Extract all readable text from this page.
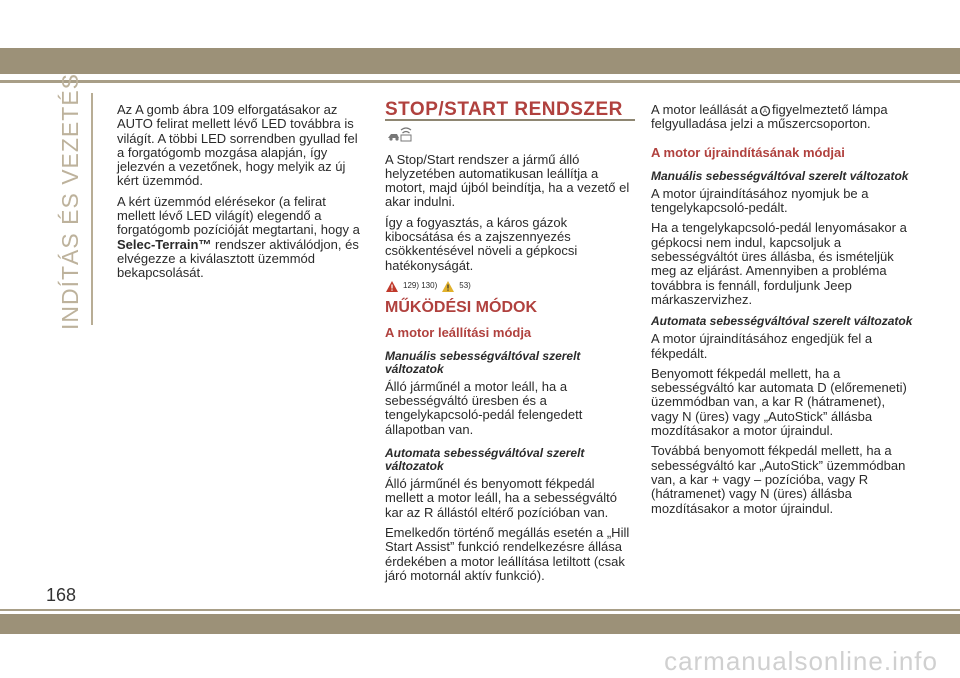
INDÍTÁS ÉS VEZETÉS	Az A gomb ábra 109 elforgatásakor az AUTO felirat mellett lévő LED továbbra is világít. A többi LED sorrendben gyullad fel a forgatógomb mozgása alapján, így jelezvén a vezetőnek, hogy melyik az új kért üzemmód.

A kért üzemmód elérésekor (a felirat mellett lévő LED világít) elegendő a forgatógomb pozícióját megtartani, hogy a Selec-Terrain™ rendszer aktiválódjon, és elvégezze a kiválasztott üzemmód bekapcsolását.

STOP/START RENDSZER

A Stop/Start rendszer a jármű álló helyzetében automatikusan leállítja a motort, majd újból beindítja, ha a vezető el akar indulni.

Így a fogyasztás, a káros gázok kibocsátása és a zajszennyezés csökkentésével növeli a gépkocsi hatékonyságát.

129) 130)	53)
MŰKÖDÉSI MÓDOK
A motor leállítási módja
Manuális sebességváltóval szerelt változatok

Álló járműnél a motor leáll, ha a sebességváltó üresben és a tengelykapcsoló-pedál felengedett állapotban van.

Automata sebességváltóval szerelt változatok

Álló járműnél és benyomott fékpedál mellett a motor leáll, ha a sebességváltó kar az R állástól eltérő pozícióban van.

Emelkedőn történő megállás esetén a „Hill Start Assist” funkció rendelkezésre állása érdekében a motor leállítása letiltott (csak járó motornál aktív funkció).

A motor leállását a A figyelmeztető lámpa felgyulladása jelzi a műszercsoporton.

A motor újraindításának módjai
Manuális sebességváltóval szerelt változatok

A motor újraindításához nyomjuk be a tengelykapcsoló-pedált.

Ha a tengelykapcsoló-pedál lenyomásakor a gépkocsi nem indul, kapcsoljuk a sebességváltót üres állásba, és ismételjük meg az eljárást. Amennyiben a probléma továbbra is fennáll, forduljunk Jeep márkaszervizhez.

Automata sebességváltóval szerelt változatok

A motor újraindításához engedjük fel a fékpedált.

Benyomott fékpedál mellett, ha a sebességváltó kar automata D (előremeneti) üzemmódban van, a kar R (hátramenet), vagy N (üres) vagy „AutoStick” állásba mozdításakor a motor újraindul.

Továbbá benyomott fékpedál mellett, ha a sebességváltó kar „AutoStick” üzemmódban van, a kar + vagy – pozícióba, vagy R (hátramenet) vagy N (üres) állásba mozdításakor a motor újraindul.

168
carmanualsonline.info
